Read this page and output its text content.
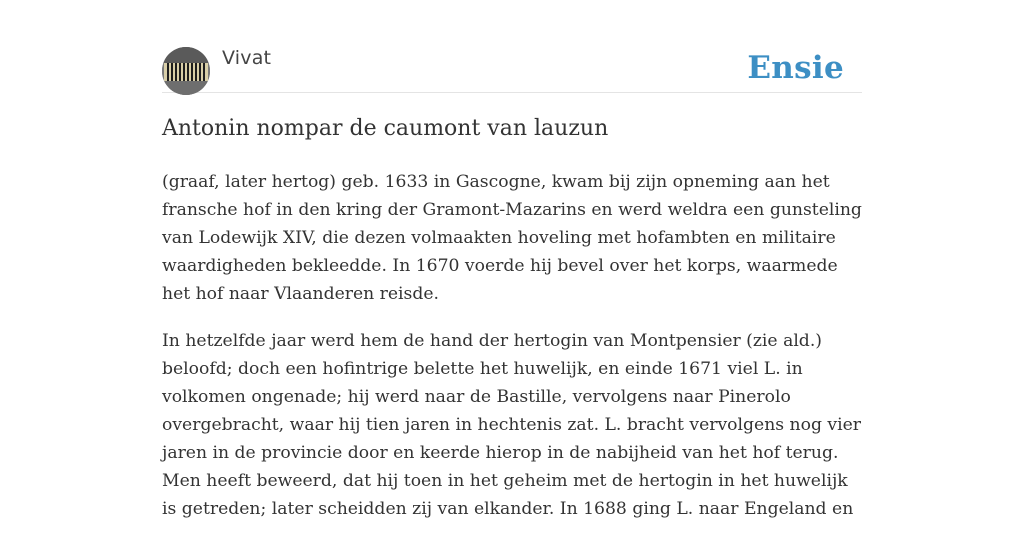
Vivat	Ensie
Antonin nompar de caumont van lauzun

(graaf, later hertog) geb. 1633 in Gascogne, kwam bij zijn opneming aan het fransche hof in den kring der Gramont-Mazarins en werd weldra een gunsteling van Lodewijk XIV, die dezen volmaakten hoveling met hofambten en militaire waardigheden bekleedde. In 1670 voerde hij bevel over het korps, waarmede het hof naar Vlaanderen reisde.

In hetzelfde jaar werd hem de hand der hertogin van Montpensier (zie ald.) beloofd; doch een hofintrige belette het huwelijk, en einde 1671 viel L. in volkomen ongenade; hij werd naar de Bastille, vervolgens naar Pinerolo overgebracht, waar hij tien jaren in hechtenis zat. L. bracht vervolgens nog vier jaren in de provincie door en keerde hierop in de nabijheid van het hof terug. Men heeft beweerd, dat hij toen in het geheim met de hertogin in het huwelijk is getreden; later scheidden zij van elkander. In 1688 ging L. naar Engeland en
